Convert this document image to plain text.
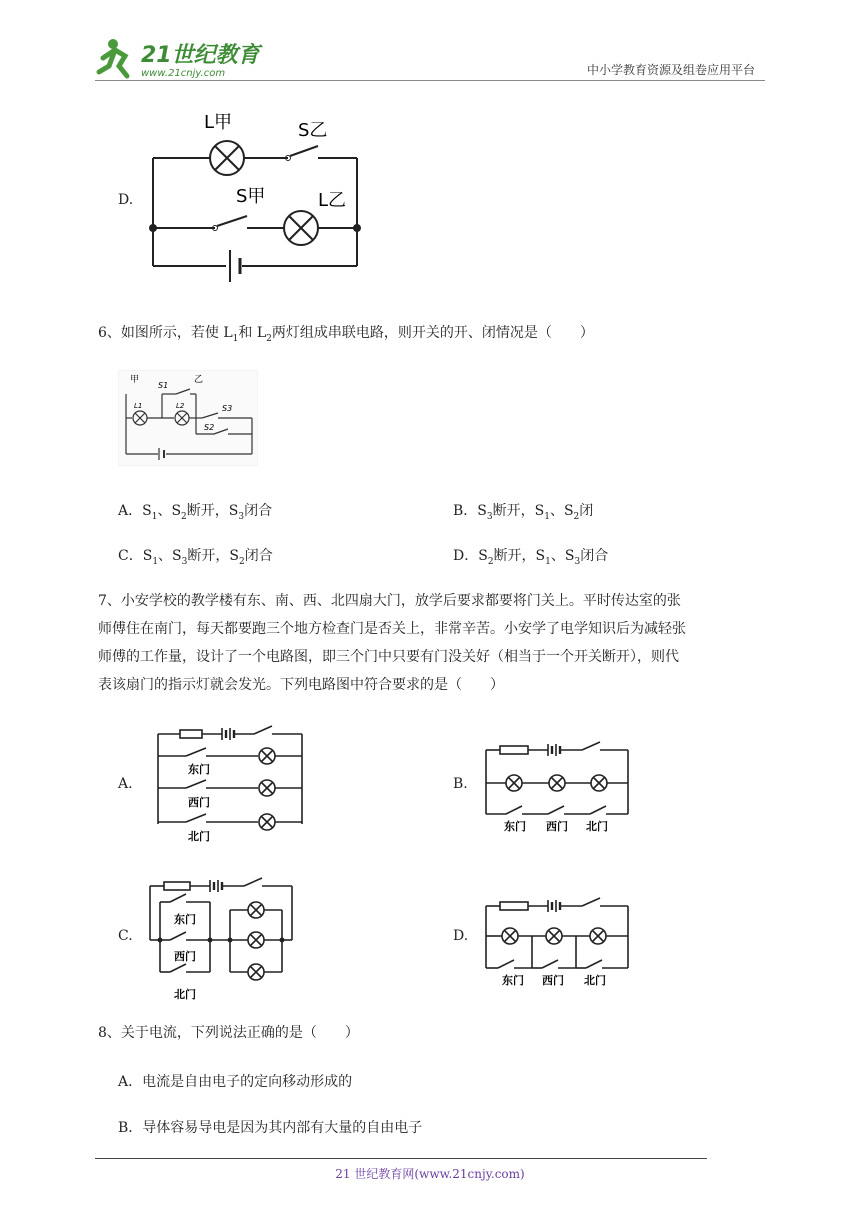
21世纪教育
www.21cnjy.com	中小学教育资源及组卷应用平台
D.
L甲	S乙
S甲	L乙
6、如图所示，若使 $L_1$和 $L_2$两灯组成串联电路，则开关的开、闭情况是（　　）
甲	乙
S1
S3
S2
L1	L2
A．$S_1$、$S_2$断开，$S_3$闭合	B．$S_3$断开，$S_1$、$S_2$闭
C．$S_1$、$S_3$断开，$S_2$闭合	D．$S_2$断开，$S_1$、$S_3$闭合
7、小安学校的教学楼有东、南、西、北四扇大门，放学后要求都要将门关上。平时传达室的张
师傅住在南门，每天都要跑三个地方检查门是否关上，非常辛苦。小安学了电学知识后为减轻张
师傅的工作量，设计了一个电路图，即三个门中只要有门没关好（相当于一个开关断开），则代
表该扇门的指示灯就会发光。下列电路图中符合要求的是（　　）
A.
东门
西门
北门
B.
东门 西门 北门
C.
东门
西门
北门
D.
东门 西门 北门
8、关于电流，下列说法正确的是（　　）
A．电流是自由电子的定向移动形成的
B．导体容易导电是因为其内部有大量的自由电子
21 世纪教育网(www.21cnjy.com)
